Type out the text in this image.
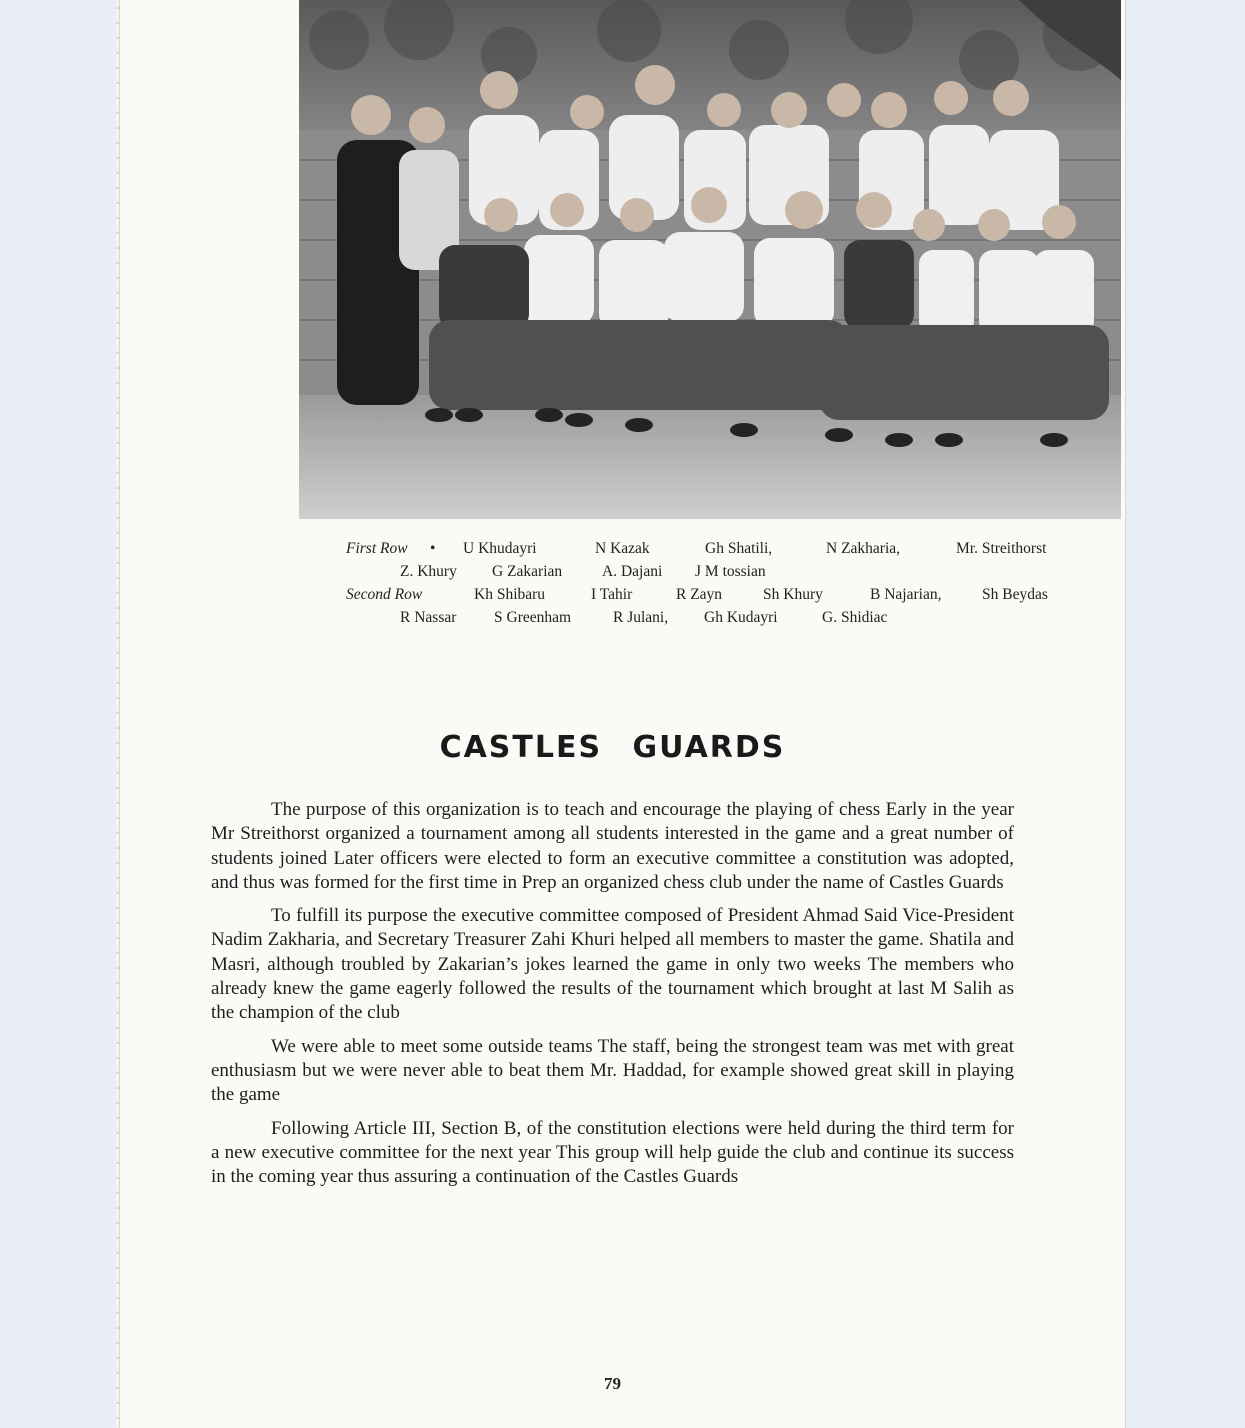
First Row • U Khudayri	N Kazak	Gh Shatili,	N Zakharia,	Mr. Streithorst
Z. Khury G Zakarian	A. Dajani J M tossian
Second Row	Kh Shibaru	I Tahir	R Zayn	Sh Khury	B Najarian,	Sh Beydas
R Nassar S Greenham	R Julani, Gh Kudayri	G. Shidiac
CASTLES GUARDS

The purpose of this organization is to teach and encourage the playing of chess Early in the year Mr Streithorst organized a tournament among all students interested in the game and a great number of students joined Later officers were elected to form an executive committee a constitution was adopted, and thus was formed for the first time in Prep an organized chess club under the name of Castles Guards

To fulfill its purpose the executive committee composed of President Ahmad Said Vice-President Nadim Zakharia, and Secretary Treasurer Zahi Khuri helped all members to master the game. Shatila and Masri, although troubled by Zakarian’s jokes learned the game in only two weeks The members who already knew the game eagerly followed the results of the tournament which brought at last M Salih as the champion of the club

We were able to meet some outside teams The staff, being the strongest team was met with great enthusiasm but we were never able to beat them Mr. Haddad, for example showed great skill in playing the game

Following Article III, Section B, of the constitution elections were held during the third term for a new executive committee for the next year This group will help guide the club and continue its success in the coming year thus assuring a continuation of the Castles Guards

79
